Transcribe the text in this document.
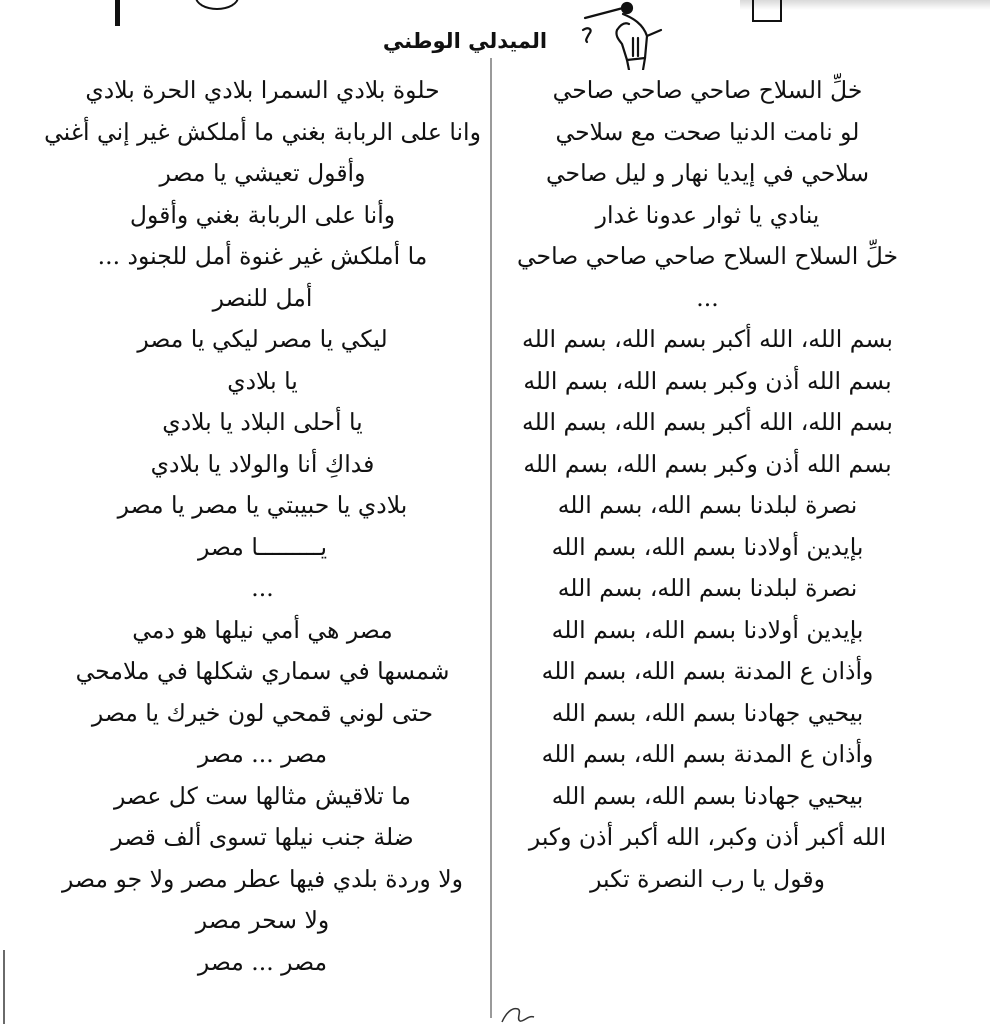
الميدلي الوطني
خلِّ السلاح صاحي صاحي صاحي
لو نامت الدنيا صحت مع سلاحي
سلاحي في إيديا نهار و ليل صاحي
ينادي يا ثوار عدونا غدار
خلِّ السلاح السلاح صاحي صاحي صاحي
...
بسم الله، الله أكبر بسم الله، بسم الله
بسم الله أذن وكبر بسم الله، بسم الله
بسم الله، الله أكبر بسم الله، بسم الله
بسم الله أذن وكبر بسم الله، بسم الله
نصرة لبلدنا بسم الله، بسم الله
بإيدين أولادنا بسم الله، بسم الله
نصرة لبلدنا بسم الله، بسم الله
بإيدين أولادنا بسم الله، بسم الله
وأذان ع المدنة بسم الله، بسم الله
بيحيي جهادنا بسم الله، بسم الله
وأذان ع المدنة بسم الله، بسم الله
بيحيي جهادنا بسم الله، بسم الله
الله أكبر أذن وكبر، الله أكبر أذن وكبر
وقول يا رب النصرة تكبر
حلوة بلادي السمرا بلادي الحرة بلادي
وانا على الربابة بغني ما أملكش غير إني أغني
وأقول تعيشي يا مصر
وأنا على الربابة بغني وأقول
ما أملكش غير غنوة أمل للجنود ...
أمل للنصر
ليكي يا مصر ليكي يا مصر
يا بلادي
يا أحلى البلاد يا بلادي
فداكِ أنا والولاد يا بلادي
بلادي يا حبيبتي يا مصر يا مصر
يـــــــــا مصر
...
مصر هي أمي نيلها هو دمي
شمسها في سماري شكلها في ملامحي
حتى لوني قمحي لون خيرك يا مصر
مصر ... مصر
ما تلاقيش مثالها ست كل عصر
ضلة جنب نيلها تسوى ألف قصر
ولا وردة بلدي فيها عطر مصر ولا جو مصر
ولا سحر مصر
مصر ... مصر
